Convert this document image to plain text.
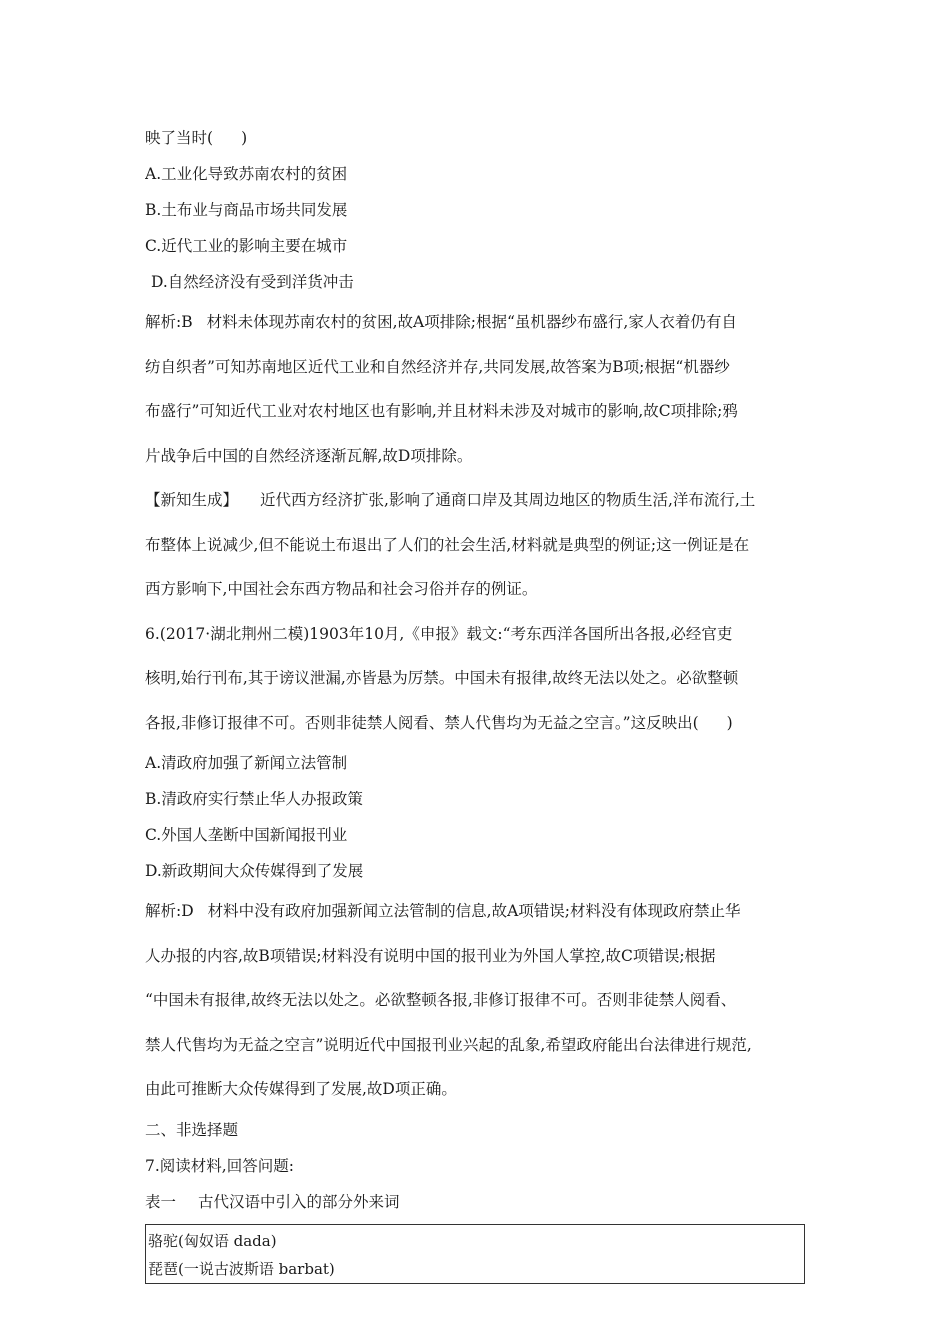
映了当时( )
A.工业化导致苏南农村的贫困
B.土布业与商品市场共同发展
C.近代工业的影响主要在城市
D.自然经济没有受到洋货冲击
解析:B 材料未体现苏南农村的贫困,故A项排除;根据“虽机器纱布盛行,家人衣着仍有自
纺自织者”可知苏南地区近代工业和自然经济并存,共同发展,故答案为B项;根据“机器纱
布盛行”可知近代工业对农村地区也有影响,并且材料未涉及对城市的影响,故C项排除;鸦
片战争后中国的自然经济逐渐瓦解,故D项排除。
【新知生成】 近代西方经济扩张,影响了通商口岸及其周边地区的物质生活,洋布流行,土
布整体上说减少,但不能说土布退出了人们的社会生活,材料就是典型的例证;这一例证是在
西方影响下,中国社会东西方物品和社会习俗并存的例证。
6.(2017·湖北荆州二模)1903年10月,《申报》载文:“考东西洋各国所出各报,必经官吏
核明,始行刊布,其于谤议泄漏,亦皆悬为厉禁。中国未有报律,故终无法以处之。必欲整顿
各报,非修订报律不可。否则非徒禁人阅看、禁人代售均为无益之空言。”这反映出( )
A.清政府加强了新闻立法管制
B.清政府实行禁止华人办报政策
C.外国人垄断中国新闻报刊业
D.新政期间大众传媒得到了发展
解析:D 材料中没有政府加强新闻立法管制的信息,故A项错误;材料没有体现政府禁止华
人办报的内容,故B项错误;材料没有说明中国的报刊业为外国人掌控,故C项错误;根据
“中国未有报律,故终无法以处之。必欲整顿各报,非修订报律不可。否则非徒禁人阅看、
禁人代售均为无益之空言”说明近代中国报刊业兴起的乱象,希望政府能出台法律进行规范,
由此可推断大众传媒得到了发展,故D项正确。
二、非选择题
7.阅读材料,回答问题:
表一 古代汉语中引入的部分外来词
骆驼(匈奴语 dada)
琵琶(一说古波斯语 barbat)
